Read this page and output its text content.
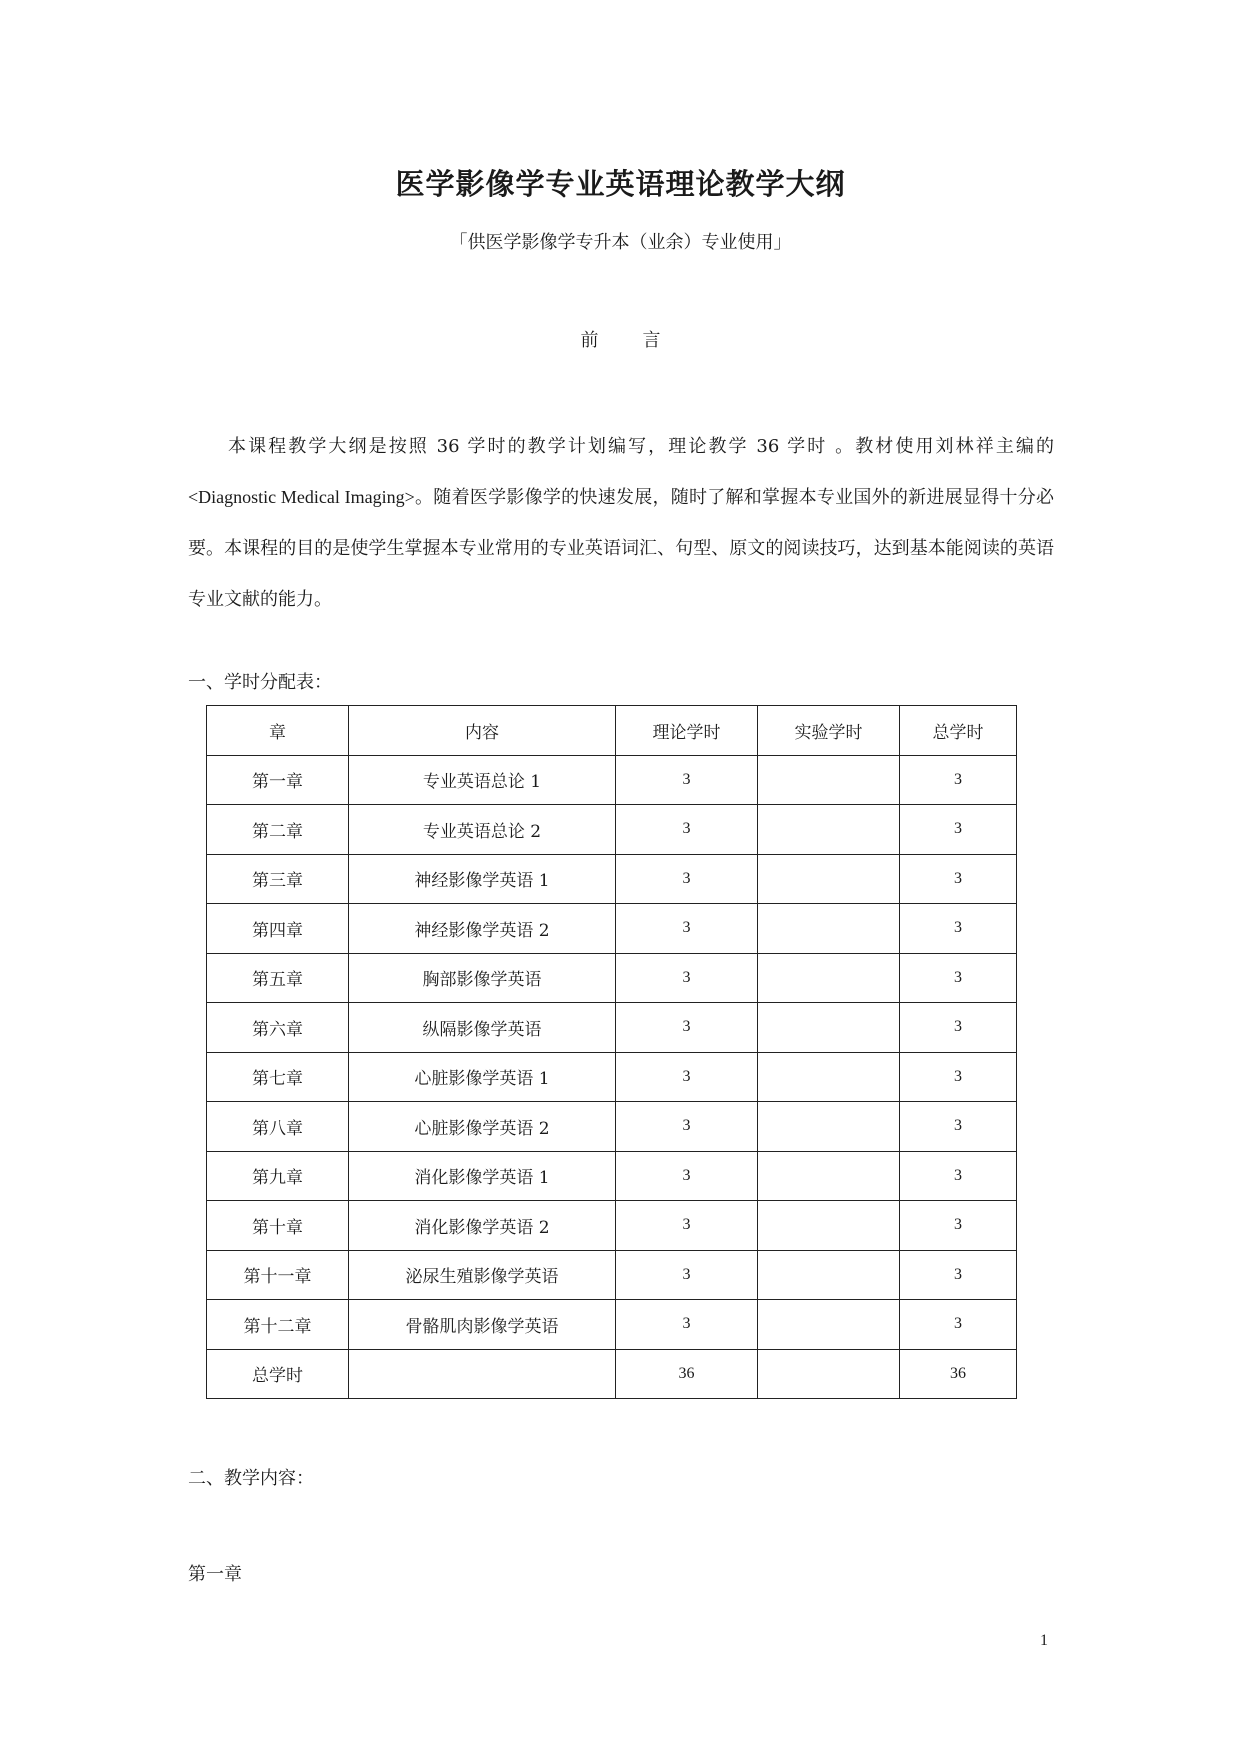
医学影像学专业英语理论教学大纲
「供医学影像学专升本（业余）专业使用」
前 言
本课程教学大纲是按照 36 学时的教学计划编写，理论教学 36 学时 。教材使用刘林祥主编的<Diagnostic Medical Imaging>。随着医学影像学的快速发展，随时了解和掌握本专业国外的新进展显得十分必要。本课程的目的是使学生掌握本专业常用的专业英语词汇、句型、原文的阅读技巧，达到基本能阅读的英语专业文献的能力。
一、学时分配表：
章	内容	理论学时	实验学时	总学时
第一章	专业英语总论 1	3		3
第二章	专业英语总论 2	3		3
第三章	神经影像学英语 1	3		3
第四章	神经影像学英语 2	3		3
第五章	胸部影像学英语	3		3
第六章	纵隔影像学英语	3		3
第七章	心脏影像学英语 1	3		3
第八章	心脏影像学英语 2	3		3
第九章	消化影像学英语 1	3		3
第十章	消化影像学英语 2	3		3
第十一章	泌尿生殖影像学英语	3		3
第十二章	骨骼肌肉影像学英语	3		3
总学时		36		36
二、教学内容：
第一章
1
